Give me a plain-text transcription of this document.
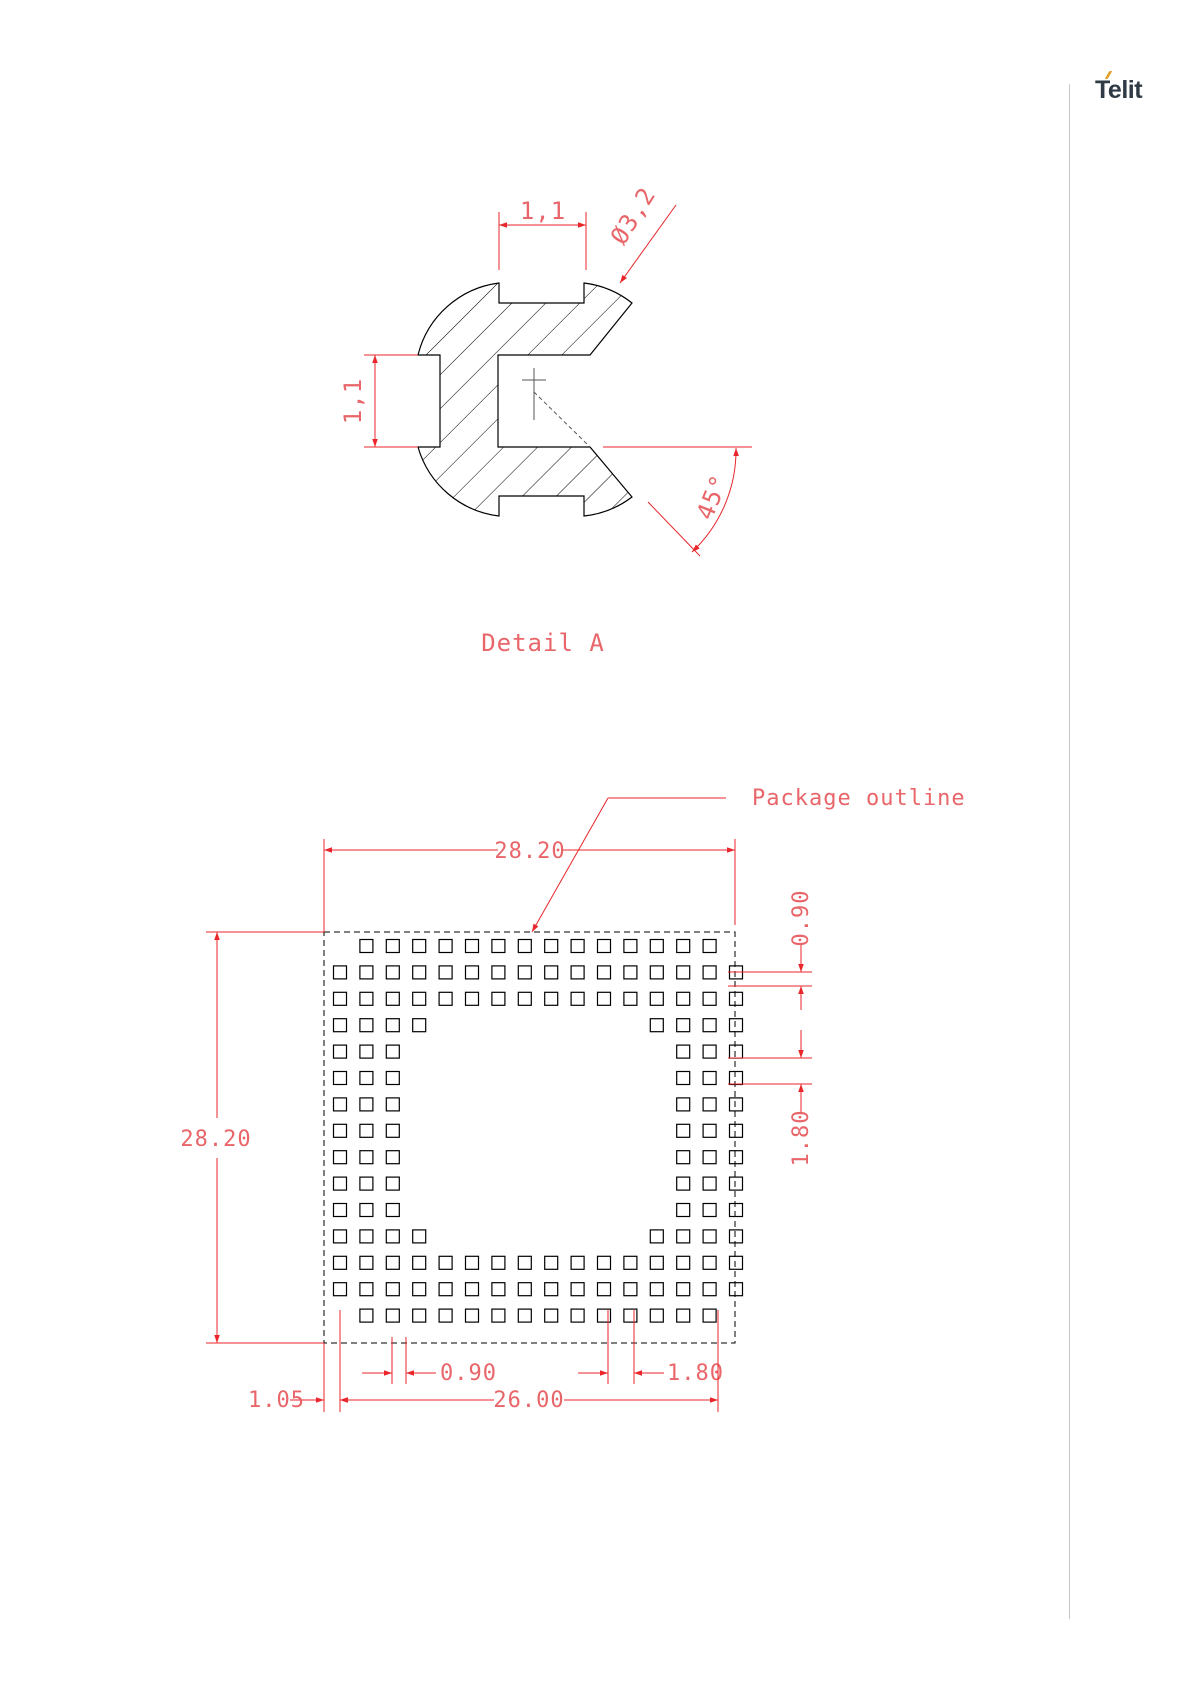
Telit
1,1 Ø3,2
1,1
45°
Detail A
Package outline
28.20
28.20
0.90
1.80
0.90	1.80
1.05	26.00
